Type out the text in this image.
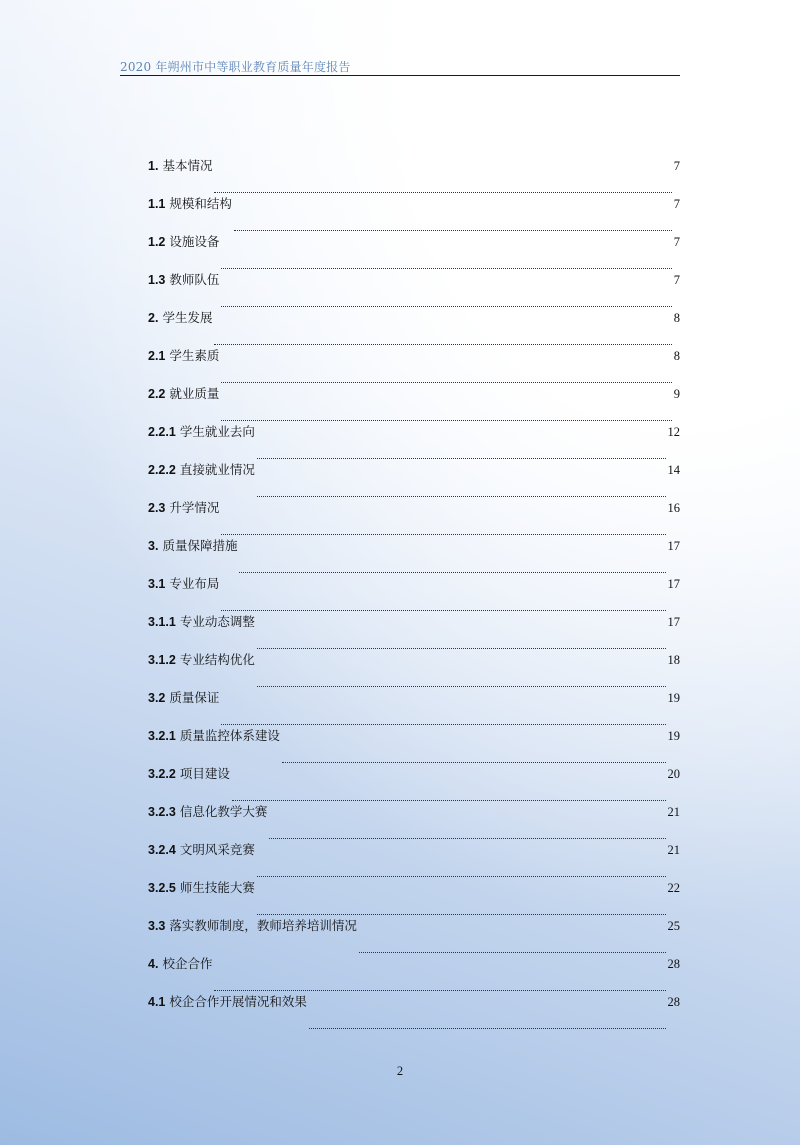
2020 年朔州市中等职业教育质量年度报告
1. 基本情况	7
1.1 规模和结构	7
1.2 设施设备	7
1.3 教师队伍	7
2. 学生发展	8
2.1 学生素质	8
2.2 就业质量	9
2.2.1 学生就业去向	12
2.2.2 直接就业情况	14
2.3 升学情况	16
3. 质量保障措施	17
3.1 专业布局	17
3.1.1 专业动态调整	17
3.1.2 专业结构优化	18
3.2 质量保证	19
3.2.1 质量监控体系建设	19
3.2.2 项目建设	20
3.2.3 信息化教学大赛	21
3.2.4 文明风采竞赛	21
3.2.5 师生技能大赛	22
3.3 落实教师制度，教师培养培训情况	25
4. 校企合作	28
4.1 校企合作开展情况和效果	28
2
